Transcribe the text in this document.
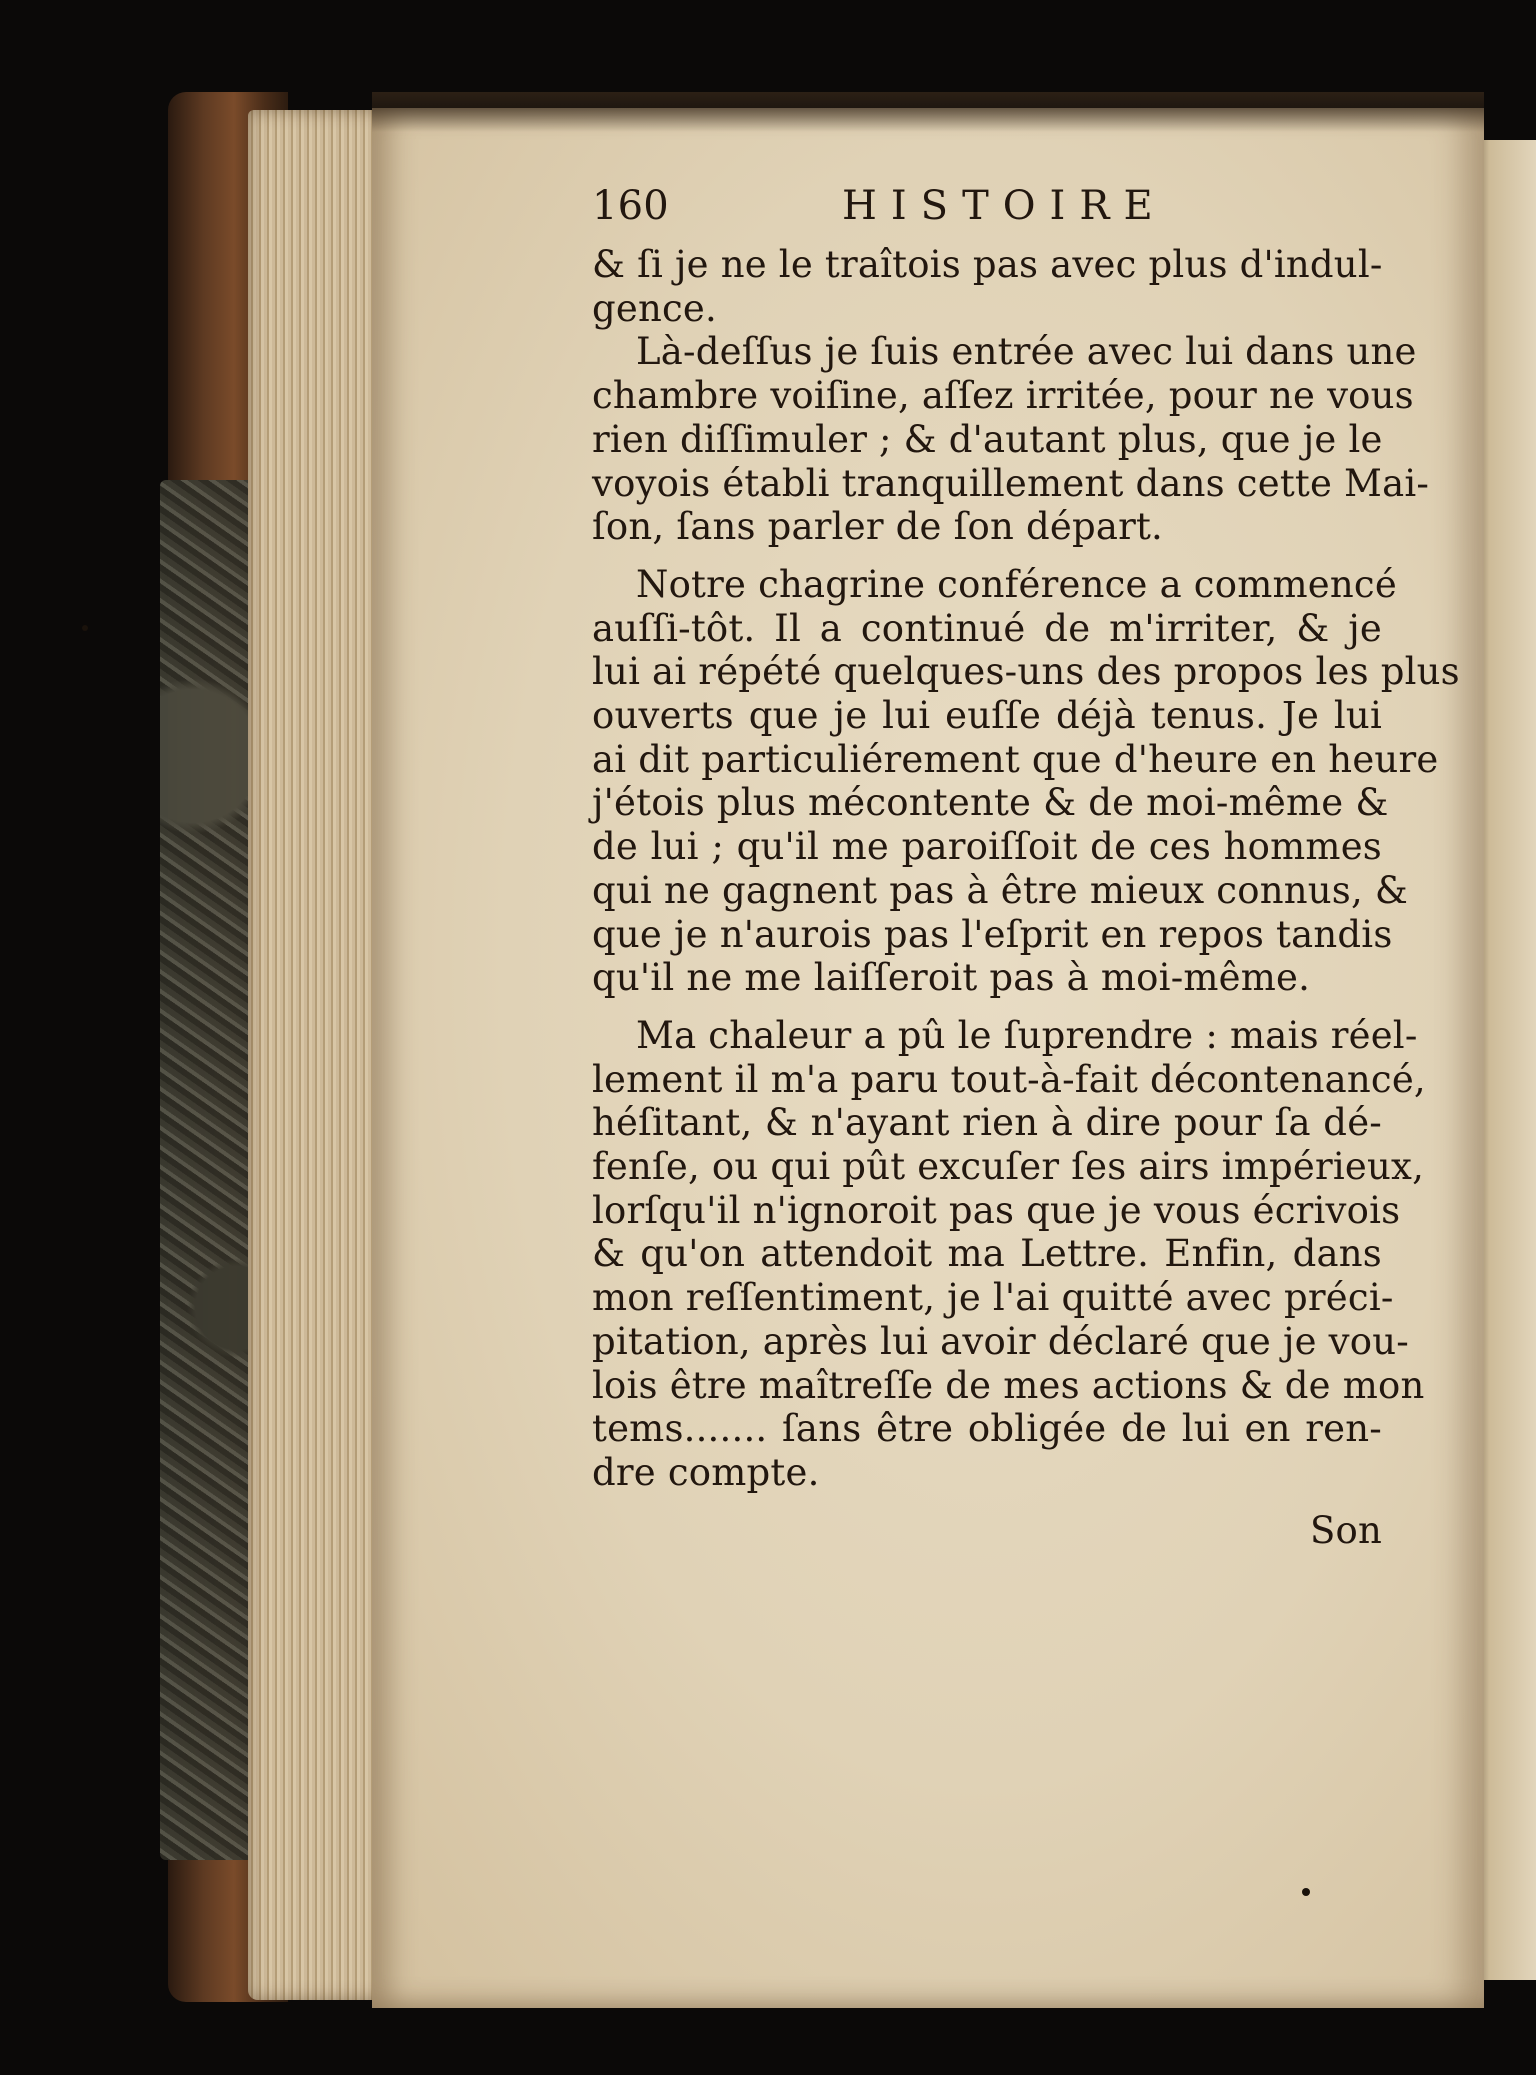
160	HISTOIRE
& ſi je ne le traîtois pas avec plus d'indul-
gence.
Là-deſſus je ſuis entrée avec lui dans une
chambre voiſine, aſſez irritée, pour ne vous
rien diſſimuler ; & d'autant plus, que je le
voyois établi tranquillement dans cette Mai-
ſon, ſans parler de ſon départ.
Notre chagrine conférence a commencé
auſſi-tôt. Il a continué de m'irriter, & je
lui ai répété quelques-uns des propos les plus
ouverts que je lui euſſe déjà tenus. Je lui
ai dit particuliérement que d'heure en heure
j'étois plus mécontente & de moi-même &
de lui ; qu'il me paroiſſoit de ces hommes
qui ne gagnent pas à être mieux connus, &
que je n'aurois pas l'eſprit en repos tandis
qu'il ne me laiſſeroit pas à moi-même.
Ma chaleur a pû le ſuprendre : mais réel-
lement il m'a paru tout-à-fait décontenancé,
héſitant, & n'ayant rien à dire pour ſa dé-
fenſe, ou qui pût excuſer ſes airs impérieux,
lorſqu'il n'ignoroit pas que je vous écrivois
& qu'on attendoit ma Lettre. Enfin, dans
mon reſſentiment, je l'ai quitté avec préci-
pitation, après lui avoir déclaré que je vou-
lois être maîtreſſe de mes actions & de mon
tems....... ſans être obligée de lui en ren-
dre compte.
Son
